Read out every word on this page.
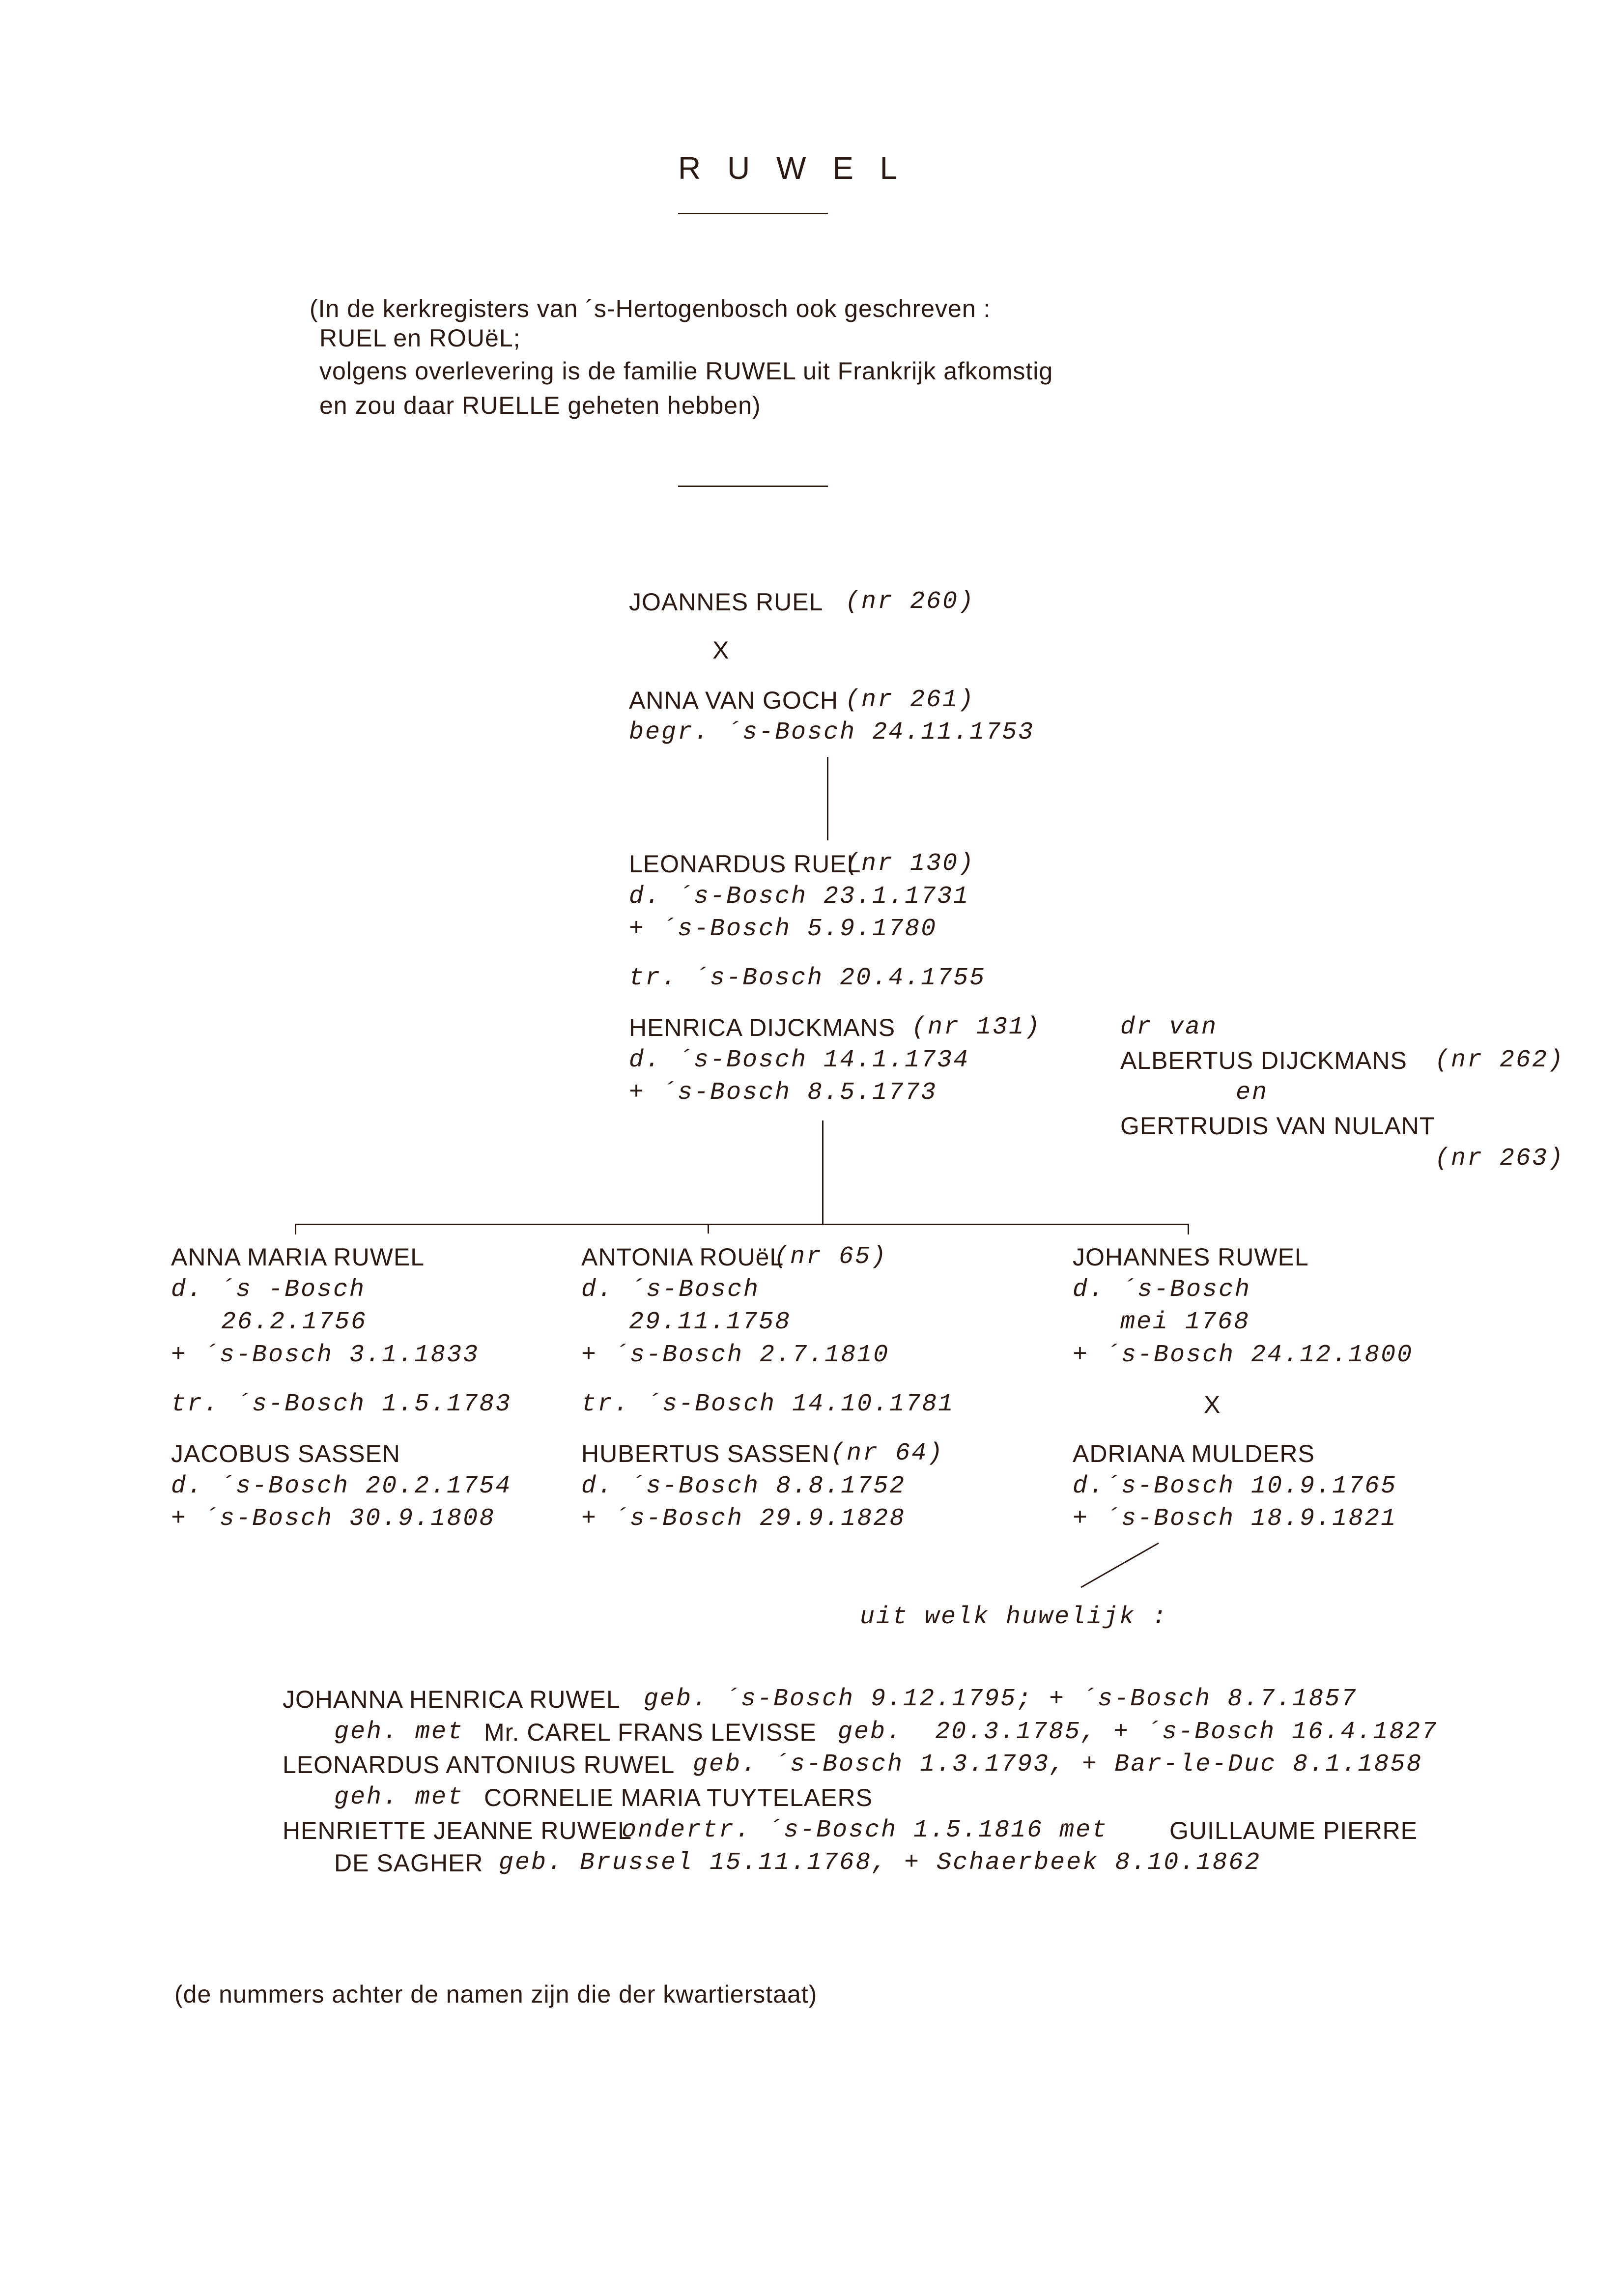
R U W E L
(In de kerkregisters van ´s-Hertogenbosch ook geschreven :
RUEL en ROUëL;
volgens overlevering is de familie RUWEL uit Frankrijk afkomstig
en zou daar RUELLE geheten hebben)
JOANNES RUEL (nr 260)
X
ANNA VAN GOCH (nr 261)
begr. ´s-Bosch 24.11.1753
LEONARDUS RUEL
(nr 130)
d. ´s-Bosch 23.1.1731
+ ´s-Bosch 5.9.1780
tr. ´s-Bosch 20.4.1755
HENRICA DIJCKMANS (nr 131)
d. ´s-Bosch 14.1.1734
+ ´s-Bosch 8.5.1773
dr van
ALBERTUS DIJCKMANS (nr 262)
en
GERTRUDIS VAN NULANT
(nr 263)
ANNA MARIA RUWEL
d. ´s -Bosch
26.2.1756
+ ´s-Bosch 3.1.1833
tr. ´s-Bosch 1.5.1783
JACOBUS SASSEN
d. ´s-Bosch 20.2.1754
+ ´s-Bosch 30.9.1808
ANTONIA ROUëL
(nr 65)
d. ´s-Bosch
29.11.1758
+ ´s-Bosch 2.7.1810
tr. ´s-Bosch 14.10.1781
HUBERTUS SASSEN (nr 64)
d. ´s-Bosch 8.8.1752
+ ´s-Bosch 29.9.1828
JOHANNES RUWEL
d. ´s-Bosch
mei 1768
+ ´s-Bosch 24.12.1800
X
ADRIANA MULDERS
d.´s-Bosch 10.9.1765
+ ´s-Bosch 18.9.1821
uit welk huwelijk :
JOHANNA HENRICA RUWEL geb. ´s-Bosch 9.12.1795; + ´s-Bosch 8.7.1857
geh. met Mr. CAREL FRANS LEVISSE geb.  20.3.1785, + ´s-Bosch 16.4.1827
LEONARDUS ANTONIUS RUWEL geb. ´s-Bosch 1.3.1793, + Bar-le-Duc 8.1.1858
geh. met CORNELIE MARIA TUYTELAERS
HENRIETTE JEANNE RUWEL
ondertr. ´s-Bosch 1.5.1816 met GUILLAUME PIERRE
DE SAGHER geb. Brussel 15.11.1768, + Schaerbeek 8.10.1862
(de nummers achter de namen zijn die der kwartierstaat)
